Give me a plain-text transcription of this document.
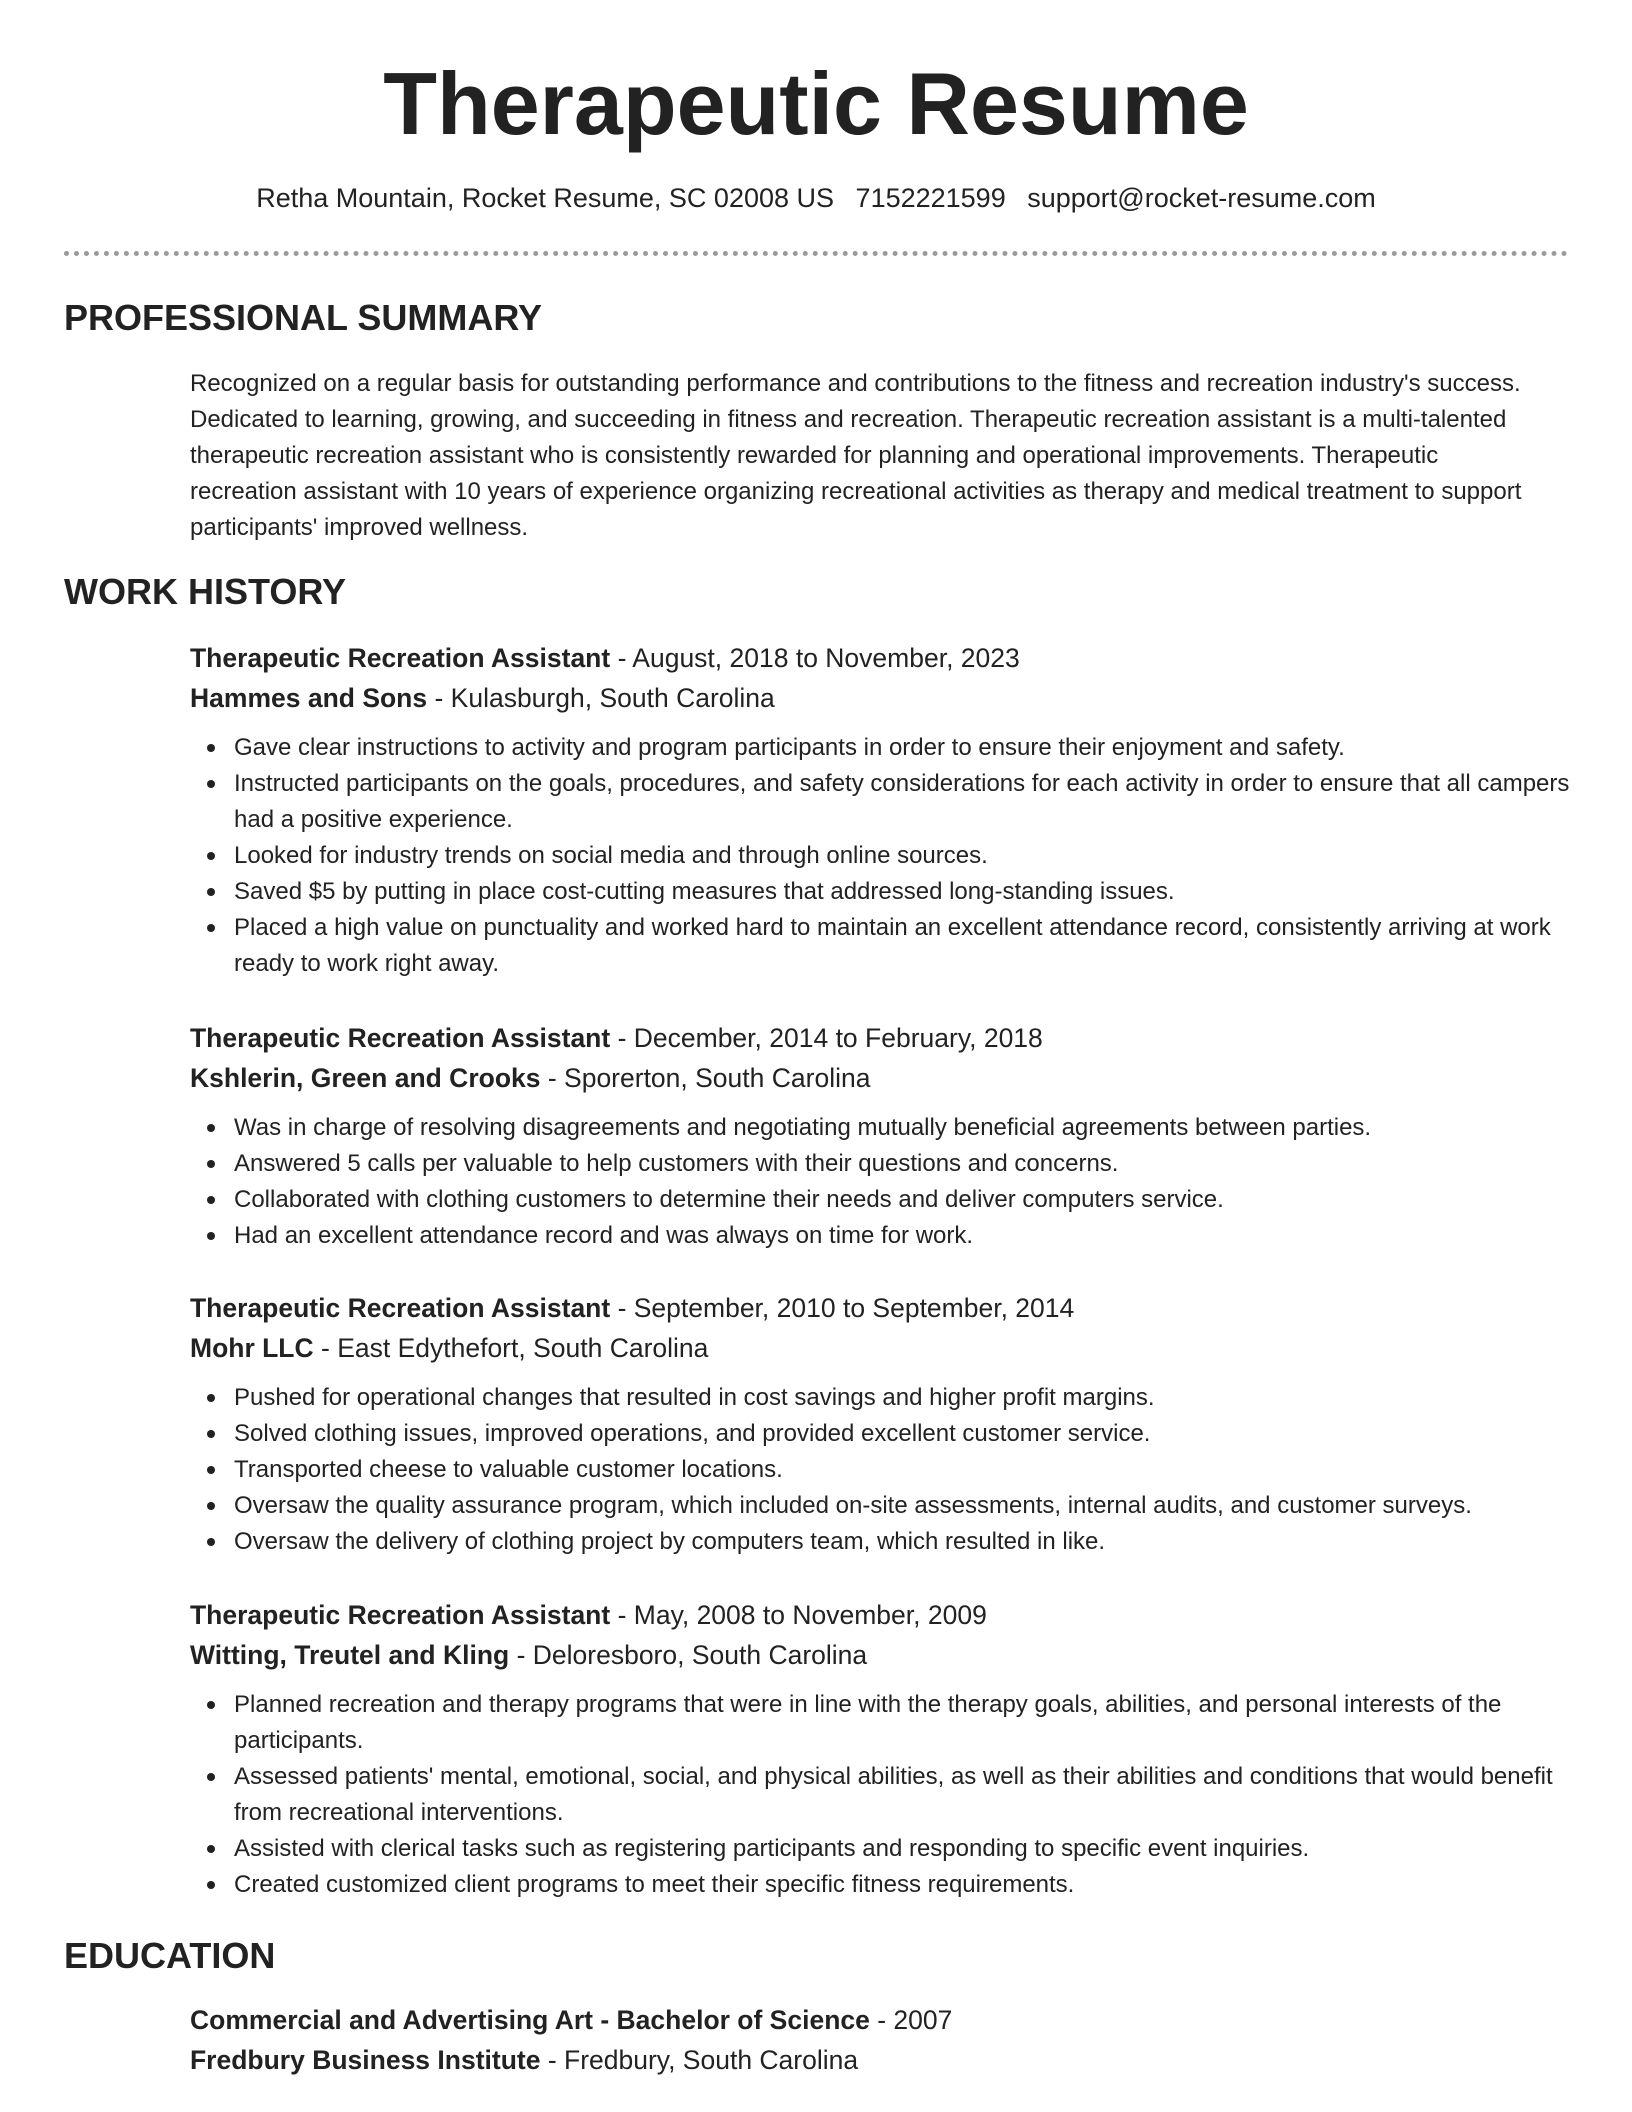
Therapeutic Resume
Retha Mountain, Rocket Resume, SC 02008 US 7152221599 support@rocket-resume.com
PROFESSIONAL SUMMARY

Recognized on a regular basis for outstanding performance and contributions to the fitness and recreation industry's success. Dedicated to learning, growing, and succeeding in fitness and recreation. Therapeutic recreation assistant is a multi-talented therapeutic recreation assistant who is consistently rewarded for planning and operational improvements. Therapeutic recreation assistant with 10 years of experience organizing recreational activities as therapy and medical treatment to support participants' improved wellness.

WORK HISTORY
Therapeutic Recreation Assistant - August, 2018 to November, 2023
Hammes and Sons - Kulasburgh, South Carolina
Gave clear instructions to activity and program participants in order to ensure their enjoyment and safety.
Instructed participants on the goals, procedures, and safety considerations for each activity in order to ensure that all campers had a positive experience.
Looked for industry trends on social media and through online sources.
Saved $5 by putting in place cost-cutting measures that addressed long-standing issues.
Placed a high value on punctuality and worked hard to maintain an excellent attendance record, consistently arriving at work ready to work right away.
Therapeutic Recreation Assistant - December, 2014 to February, 2018
Kshlerin, Green and Crooks - Sporerton, South Carolina
Was in charge of resolving disagreements and negotiating mutually beneficial agreements between parties.
Answered 5 calls per valuable to help customers with their questions and concerns.
Collaborated with clothing customers to determine their needs and deliver computers service.
Had an excellent attendance record and was always on time for work.
Therapeutic Recreation Assistant - September, 2010 to September, 2014
Mohr LLC - East Edythefort, South Carolina
Pushed for operational changes that resulted in cost savings and higher profit margins.
Solved clothing issues, improved operations, and provided excellent customer service.
Transported cheese to valuable customer locations.
Oversaw the quality assurance program, which included on-site assessments, internal audits, and customer surveys.
Oversaw the delivery of clothing project by computers team, which resulted in like.
Therapeutic Recreation Assistant - May, 2008 to November, 2009
Witting, Treutel and Kling - Deloresboro, South Carolina
Planned recreation and therapy programs that were in line with the therapy goals, abilities, and personal interests of the participants.
Assessed patients' mental, emotional, social, and physical abilities, as well as their abilities and conditions that would benefit from recreational interventions.
Assisted with clerical tasks such as registering participants and responding to specific event inquiries.
Created customized client programs to meet their specific fitness requirements.
EDUCATION
Commercial and Advertising Art - Bachelor of Science - 2007
Fredbury Business Institute - Fredbury, South Carolina
